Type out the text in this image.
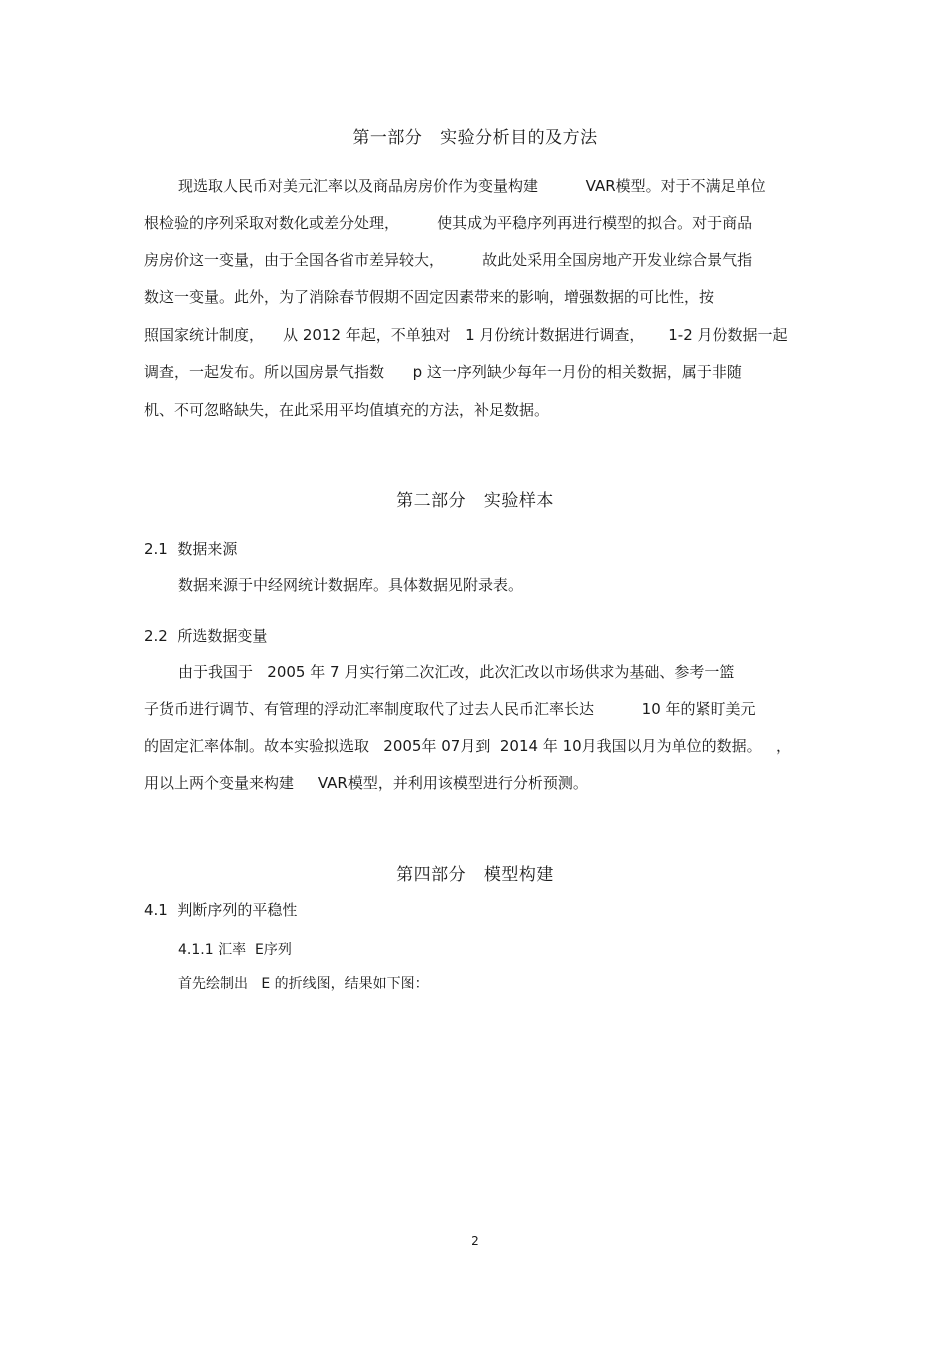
第一部分   实验分析目的及方法
现选取人民币对美元汇率以及商品房房价作为变量构建          VAR模型。对于不满足单位
根检验的序列采取对数化或差分处理，        使其成为平稳序列再进行模型的拟合。对于商品
房房价这一变量，由于全国各省市差异较大，        故此处采用全国房地产开发业综合景气指
数这一变量。此外，为了消除春节假期不固定因素带来的影响，增强数据的可比性，按
照国家统计制度，    从 2012 年起，不单独对   1 月份统计数据进行调查，     1-2 月份数据一起
调查，一起发布。所以国房景气指数      p 这一序列缺少每年一月份的相关数据，属于非随
机、不可忽略缺失，在此采用平均值填充的方法，补足数据。
第二部分   实验样本
2.1  数据来源
数据来源于中经网统计数据库。具体数据见附录表。
2.2  所选数据变量
由于我国于   2005 年 7 月实行第二次汇改，此次汇改以市场供求为基础、参考一篮
子货币进行调节、有管理的浮动汇率制度取代了过去人民币汇率长达          10 年的紧盯美元
的固定汇率体制。故本实验拟选取   2005年 07月到  2014 年 10月我国以月为单位的数据。   ，
用以上两个变量来构建     VAR模型，并利用该模型进行分析预测。
第四部分   模型构建
4.1  判断序列的平稳性
4.1.1 汇率  E序列
首先绘制出   E 的折线图，结果如下图：
2
